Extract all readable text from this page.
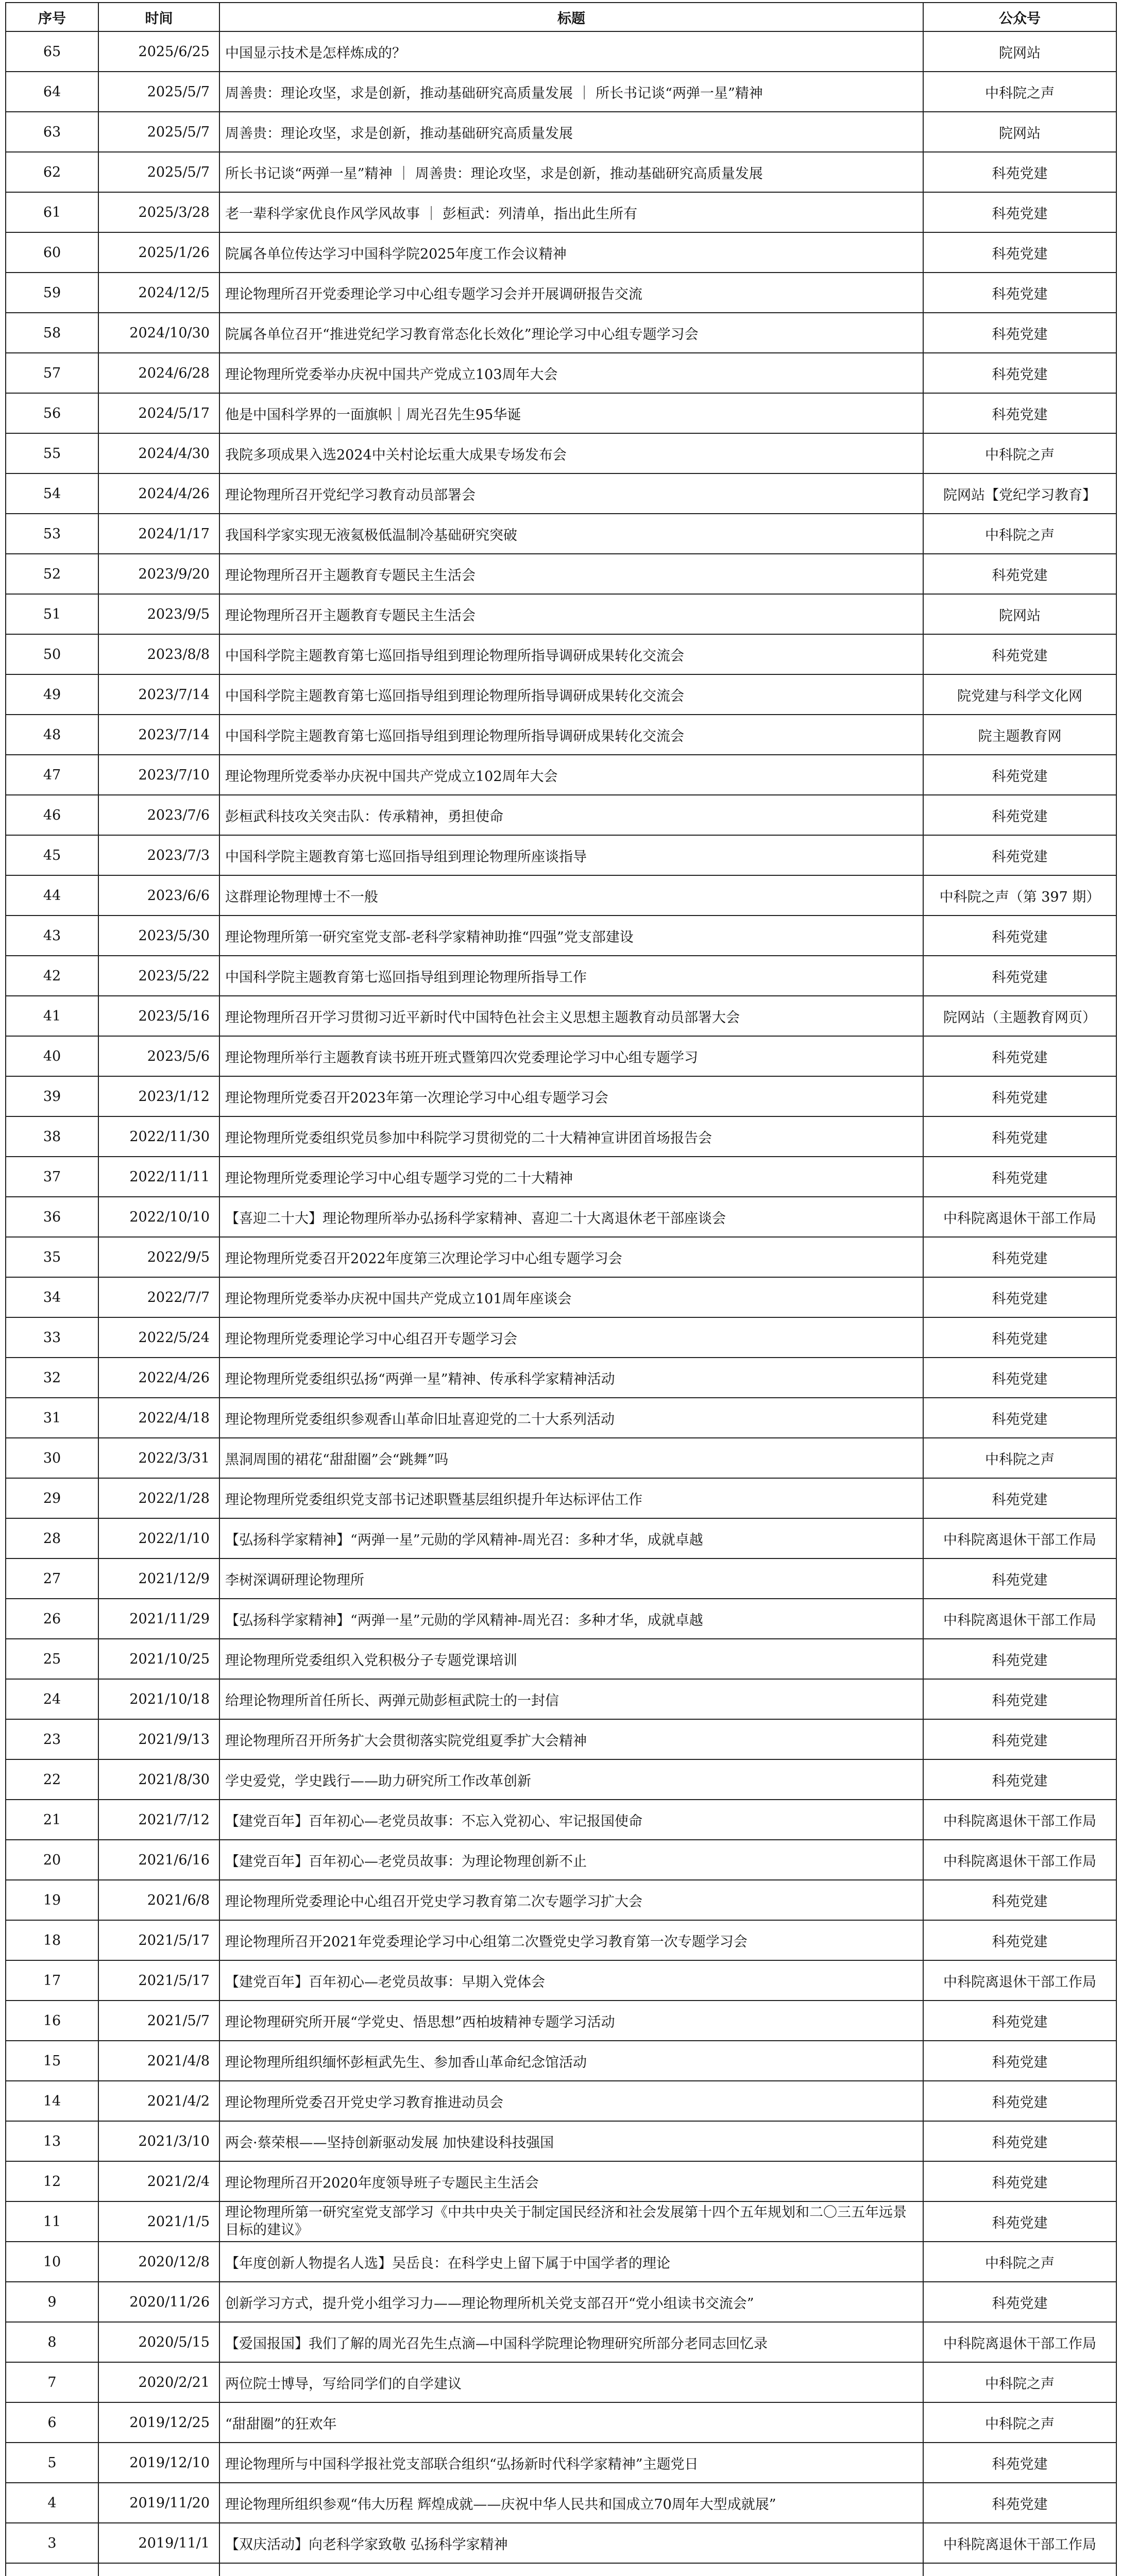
序号	时间	标题	公众号
65	2025/6/25	中国显示技术是怎样炼成的？	院网站
64	2025/5/7	周善贵：理论攻坚，求是创新，推动基础研究高质量发展 ｜ 所长书记谈“两弹一星”精神	中科院之声
63	2025/5/7	周善贵：理论攻坚，求是创新，推动基础研究高质量发展	院网站
62	2025/5/7	所长书记谈“两弹一星”精神 ｜ 周善贵：理论攻坚，求是创新，推动基础研究高质量发展	科苑党建
61	2025/3/28	老一辈科学家优良作风学风故事 ｜ 彭桓武：列清单，指出此生所有	科苑党建
60	2025/1/26	院属各单位传达学习中国科学院2025年度工作会议精神	科苑党建
59	2024/12/5	理论物理所召开党委理论学习中心组专题学习会并开展调研报告交流	科苑党建
58	2024/10/30	院属各单位召开“推进党纪学习教育常态化长效化”理论学习中心组专题学习会	科苑党建
57	2024/6/28	理论物理所党委举办庆祝中国共产党成立103周年大会	科苑党建
56	2024/5/17	他是中国科学界的一面旗帜｜周光召先生95华诞	科苑党建
55	2024/4/30	我院多项成果入选2024中关村论坛重大成果专场发布会	中科院之声
54	2024/4/26	理论物理所召开党纪学习教育动员部署会	院网站【党纪学习教育】
53	2024/1/17	我国科学家实现无液氦极低温制冷基础研究突破	中科院之声
52	2023/9/20	理论物理所召开主题教育专题民主生活会	科苑党建
51	2023/9/5	理论物理所召开主题教育专题民主生活会	院网站
50	2023/8/8	中国科学院主题教育第七巡回指导组到理论物理所指导调研成果转化交流会	科苑党建
49	2023/7/14	中国科学院主题教育第七巡回指导组到理论物理所指导调研成果转化交流会	院党建与科学文化网
48	2023/7/14	中国科学院主题教育第七巡回指导组到理论物理所指导调研成果转化交流会	院主题教育网
47	2023/7/10	理论物理所党委举办庆祝中国共产党成立102周年大会	科苑党建
46	2023/7/6	彭桓武科技攻关突击队：传承精神，勇担使命	科苑党建
45	2023/7/3	中国科学院主题教育第七巡回指导组到理论物理所座谈指导	科苑党建
44	2023/6/6	这群理论物理博士不一般	中科院之声（第 397 期）
43	2023/5/30	理论物理所第一研究室党支部-老科学家精神助推“四强”党支部建设	科苑党建
42	2023/5/22	中国科学院主题教育第七巡回指导组到理论物理所指导工作	科苑党建
41	2023/5/16	理论物理所召开学习贯彻习近平新时代中国特色社会主义思想主题教育动员部署大会	院网站（主题教育网页）
40	2023/5/6	理论物理所举行主题教育读书班开班式暨第四次党委理论学习中心组专题学习	科苑党建
39	2023/1/12	理论物理所党委召开2023年第一次理论学习中心组专题学习会	科苑党建
38	2022/11/30	理论物理所党委组织党员参加中科院学习贯彻党的二十大精神宣讲团首场报告会	科苑党建
37	2022/11/11	理论物理所党委理论学习中心组专题学习党的二十大精神	科苑党建
36	2022/10/10	【喜迎二十大】理论物理所举办弘扬科学家精神、喜迎二十大离退休老干部座谈会	中科院离退休干部工作局
35	2022/9/5	理论物理所党委召开2022年度第三次理论学习中心组专题学习会	科苑党建
34	2022/7/7	理论物理所党委举办庆祝中国共产党成立101周年座谈会	科苑党建
33	2022/5/24	理论物理所党委理论学习中心组召开专题学习会	科苑党建
32	2022/4/26	理论物理所党委组织弘扬“两弹一星”精神、传承科学家精神活动	科苑党建
31	2022/4/18	理论物理所党委组织参观香山革命旧址喜迎党的二十大系列活动	科苑党建
30	2022/3/31	黑洞周围的裙花“甜甜圈”会“跳舞”吗	中科院之声
29	2022/1/28	理论物理所党委组织党支部书记述职暨基层组织提升年达标评估工作	科苑党建
28	2022/1/10	【弘扬科学家精神】“两弹一星”元勋的学风精神-周光召：多种才华，成就卓越	中科院离退休干部工作局
27	2021/12/9	李树深调研理论物理所	科苑党建
26	2021/11/29	【弘扬科学家精神】“两弹一星”元勋的学风精神-周光召：多种才华，成就卓越	中科院离退休干部工作局
25	2021/10/25	理论物理所党委组织入党积极分子专题党课培训	科苑党建
24	2021/10/18	给理论物理所首任所长、两弹元勋彭桓武院士的一封信	科苑党建
23	2021/9/13	理论物理所召开所务扩大会贯彻落实院党组夏季扩大会精神	科苑党建
22	2021/8/30	学史爱党，学史践行——助力研究所工作改革创新	科苑党建
21	2021/7/12	【建党百年】百年初心—老党员故事：不忘入党初心、牢记报国使命	中科院离退休干部工作局
20	2021/6/16	【建党百年】百年初心—老党员故事：为理论物理创新不止	中科院离退休干部工作局
19	2021/6/8	理论物理所党委理论中心组召开党史学习教育第二次专题学习扩大会	科苑党建
18	2021/5/17	理论物理所召开2021年党委理论学习中心组第二次暨党史学习教育第一次专题学习会	科苑党建
17	2021/5/17	【建党百年】百年初心—老党员故事：早期入党体会	中科院离退休干部工作局
16	2021/5/7	理论物理研究所开展“学党史、悟思想”西柏坡精神专题学习活动	科苑党建
15	2021/4/8	理论物理所组织缅怀彭桓武先生、参加香山革命纪念馆活动	科苑党建
14	2021/4/2	理论物理所党委召开党史学习教育推进动员会	科苑党建
13	2021/3/10	两会·蔡荣根——坚持创新驱动发展 加快建设科技强国	科苑党建
12	2021/2/4	理论物理所召开2020年度领导班子专题民主生活会	科苑党建
11	2021/1/5	理论物理所第一研究室党支部学习《中共中央关于制定国民经济和社会发展第十四个五年规划和二〇三五年远景目标的建议》	科苑党建
10	2020/12/8	【年度创新人物提名人选】吴岳良：在科学史上留下属于中国学者的理论	中科院之声
9	2020/11/26	创新学习方式，提升党小组学习力——理论物理所机关党支部召开“党小组读书交流会”	科苑党建
8	2020/5/15	【爱国报国】我们了解的周光召先生点滴—中国科学院理论物理研究所部分老同志回忆录	中科院离退休干部工作局
7	2020/2/21	两位院士博导，写给同学们的自学建议	中科院之声
6	2019/12/25	“甜甜圈”的狂欢年	中科院之声
5	2019/12/10	理论物理所与中国科学报社党支部联合组织“弘扬新时代科学家精神”主题党日	科苑党建
4	2019/11/20	理论物理所组织参观“伟大历程 辉煌成就——庆祝中华人民共和国成立70周年大型成就展”	科苑党建
3	2019/11/1	【双庆活动】向老科学家致敬 弘扬科学家精神	中科院离退休干部工作局
